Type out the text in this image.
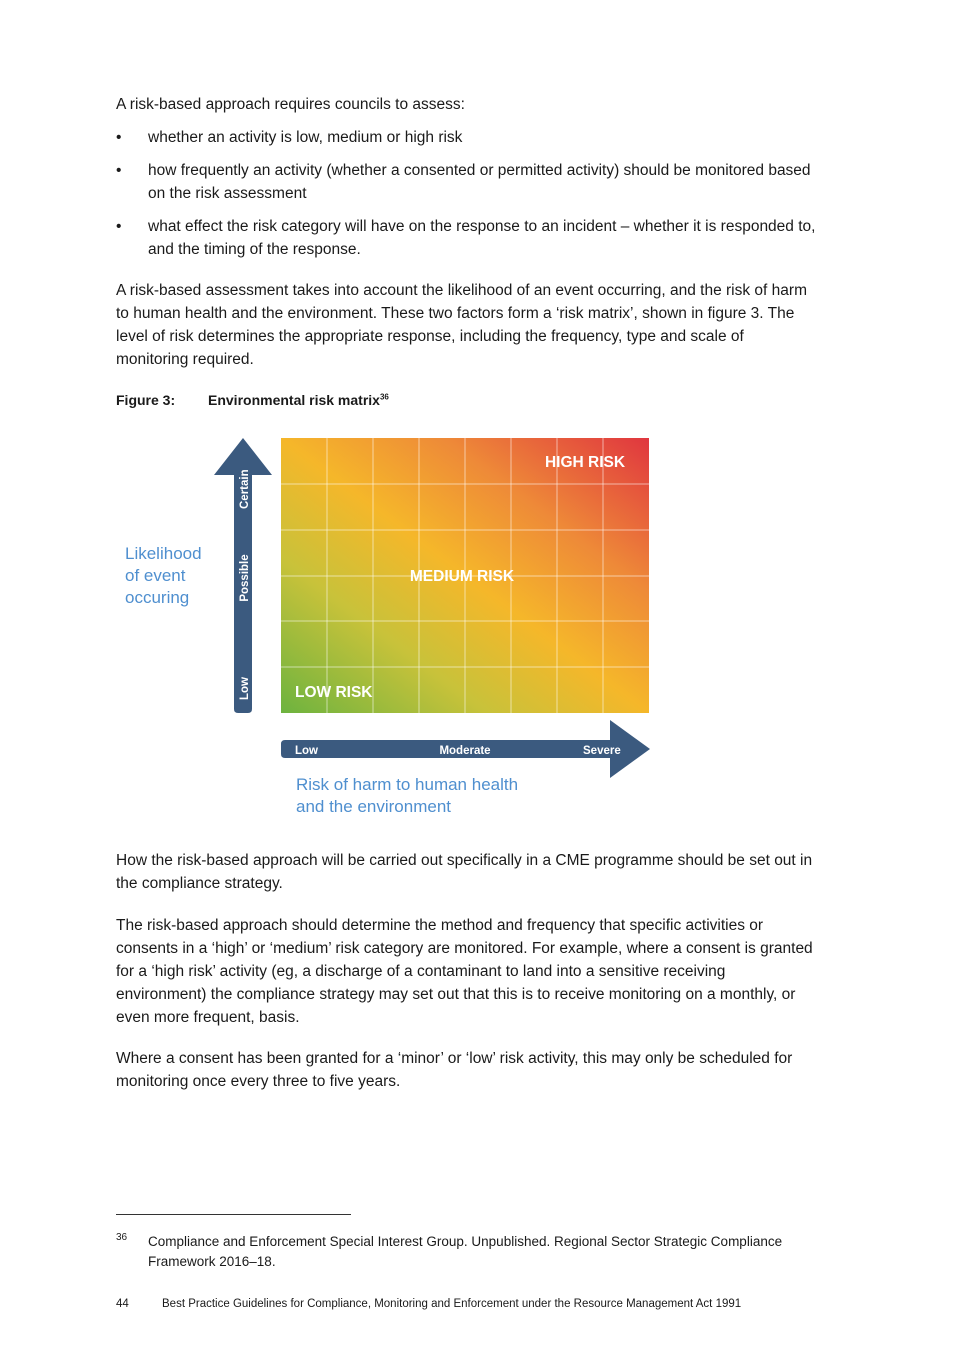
A risk-based approach requires councils to assess:

• whether an activity is low, medium or high risk
• how frequently an activity (whether a consented or permitted activity) should be monitored based on the risk assessment
• what effect the risk category will have on the response to an incident – whether it is responded to, and the timing of the response.

A risk-based assessment takes into account the likelihood of an event occurring, and the risk of harm to human health and the environment. These two factors form a ‘risk matrix’, shown in figure 3. The level of risk determines the appropriate response, including the frequency, type and scale of monitoring required.

Figure 3: Environmental risk matrix$^{36}$
HIGH RISK
MEDIUM RISK
LOW RISK
Low
Possible
Certain
Likelihood
of event
occuring
Low	Moderate	Severe
Risk of harm to human health
and the environment

How the risk-based approach will be carried out specifically in a CME programme should be set out in the compliance strategy.

The risk-based approach should determine the method and frequency that specific activities or consents in a ‘high’ or ‘medium’ risk category are monitored. For example, where a consent is granted for a ‘high risk’ activity (eg, a discharge of a contaminant to land into a sensitive receiving environment) the compliance strategy may set out that this is to receive monitoring on a monthly, or even more frequent, basis.

Where a consent has been granted for a ‘minor’ or ‘low’ risk activity, this may only be scheduled for monitoring once every three to five years.

36	Compliance and Enforcement Special Interest Group. Unpublished. Regional Sector Strategic Compliance Framework 2016–18.
44	Best Practice Guidelines for Compliance, Monitoring and Enforcement under the Resource Management Act 1991
